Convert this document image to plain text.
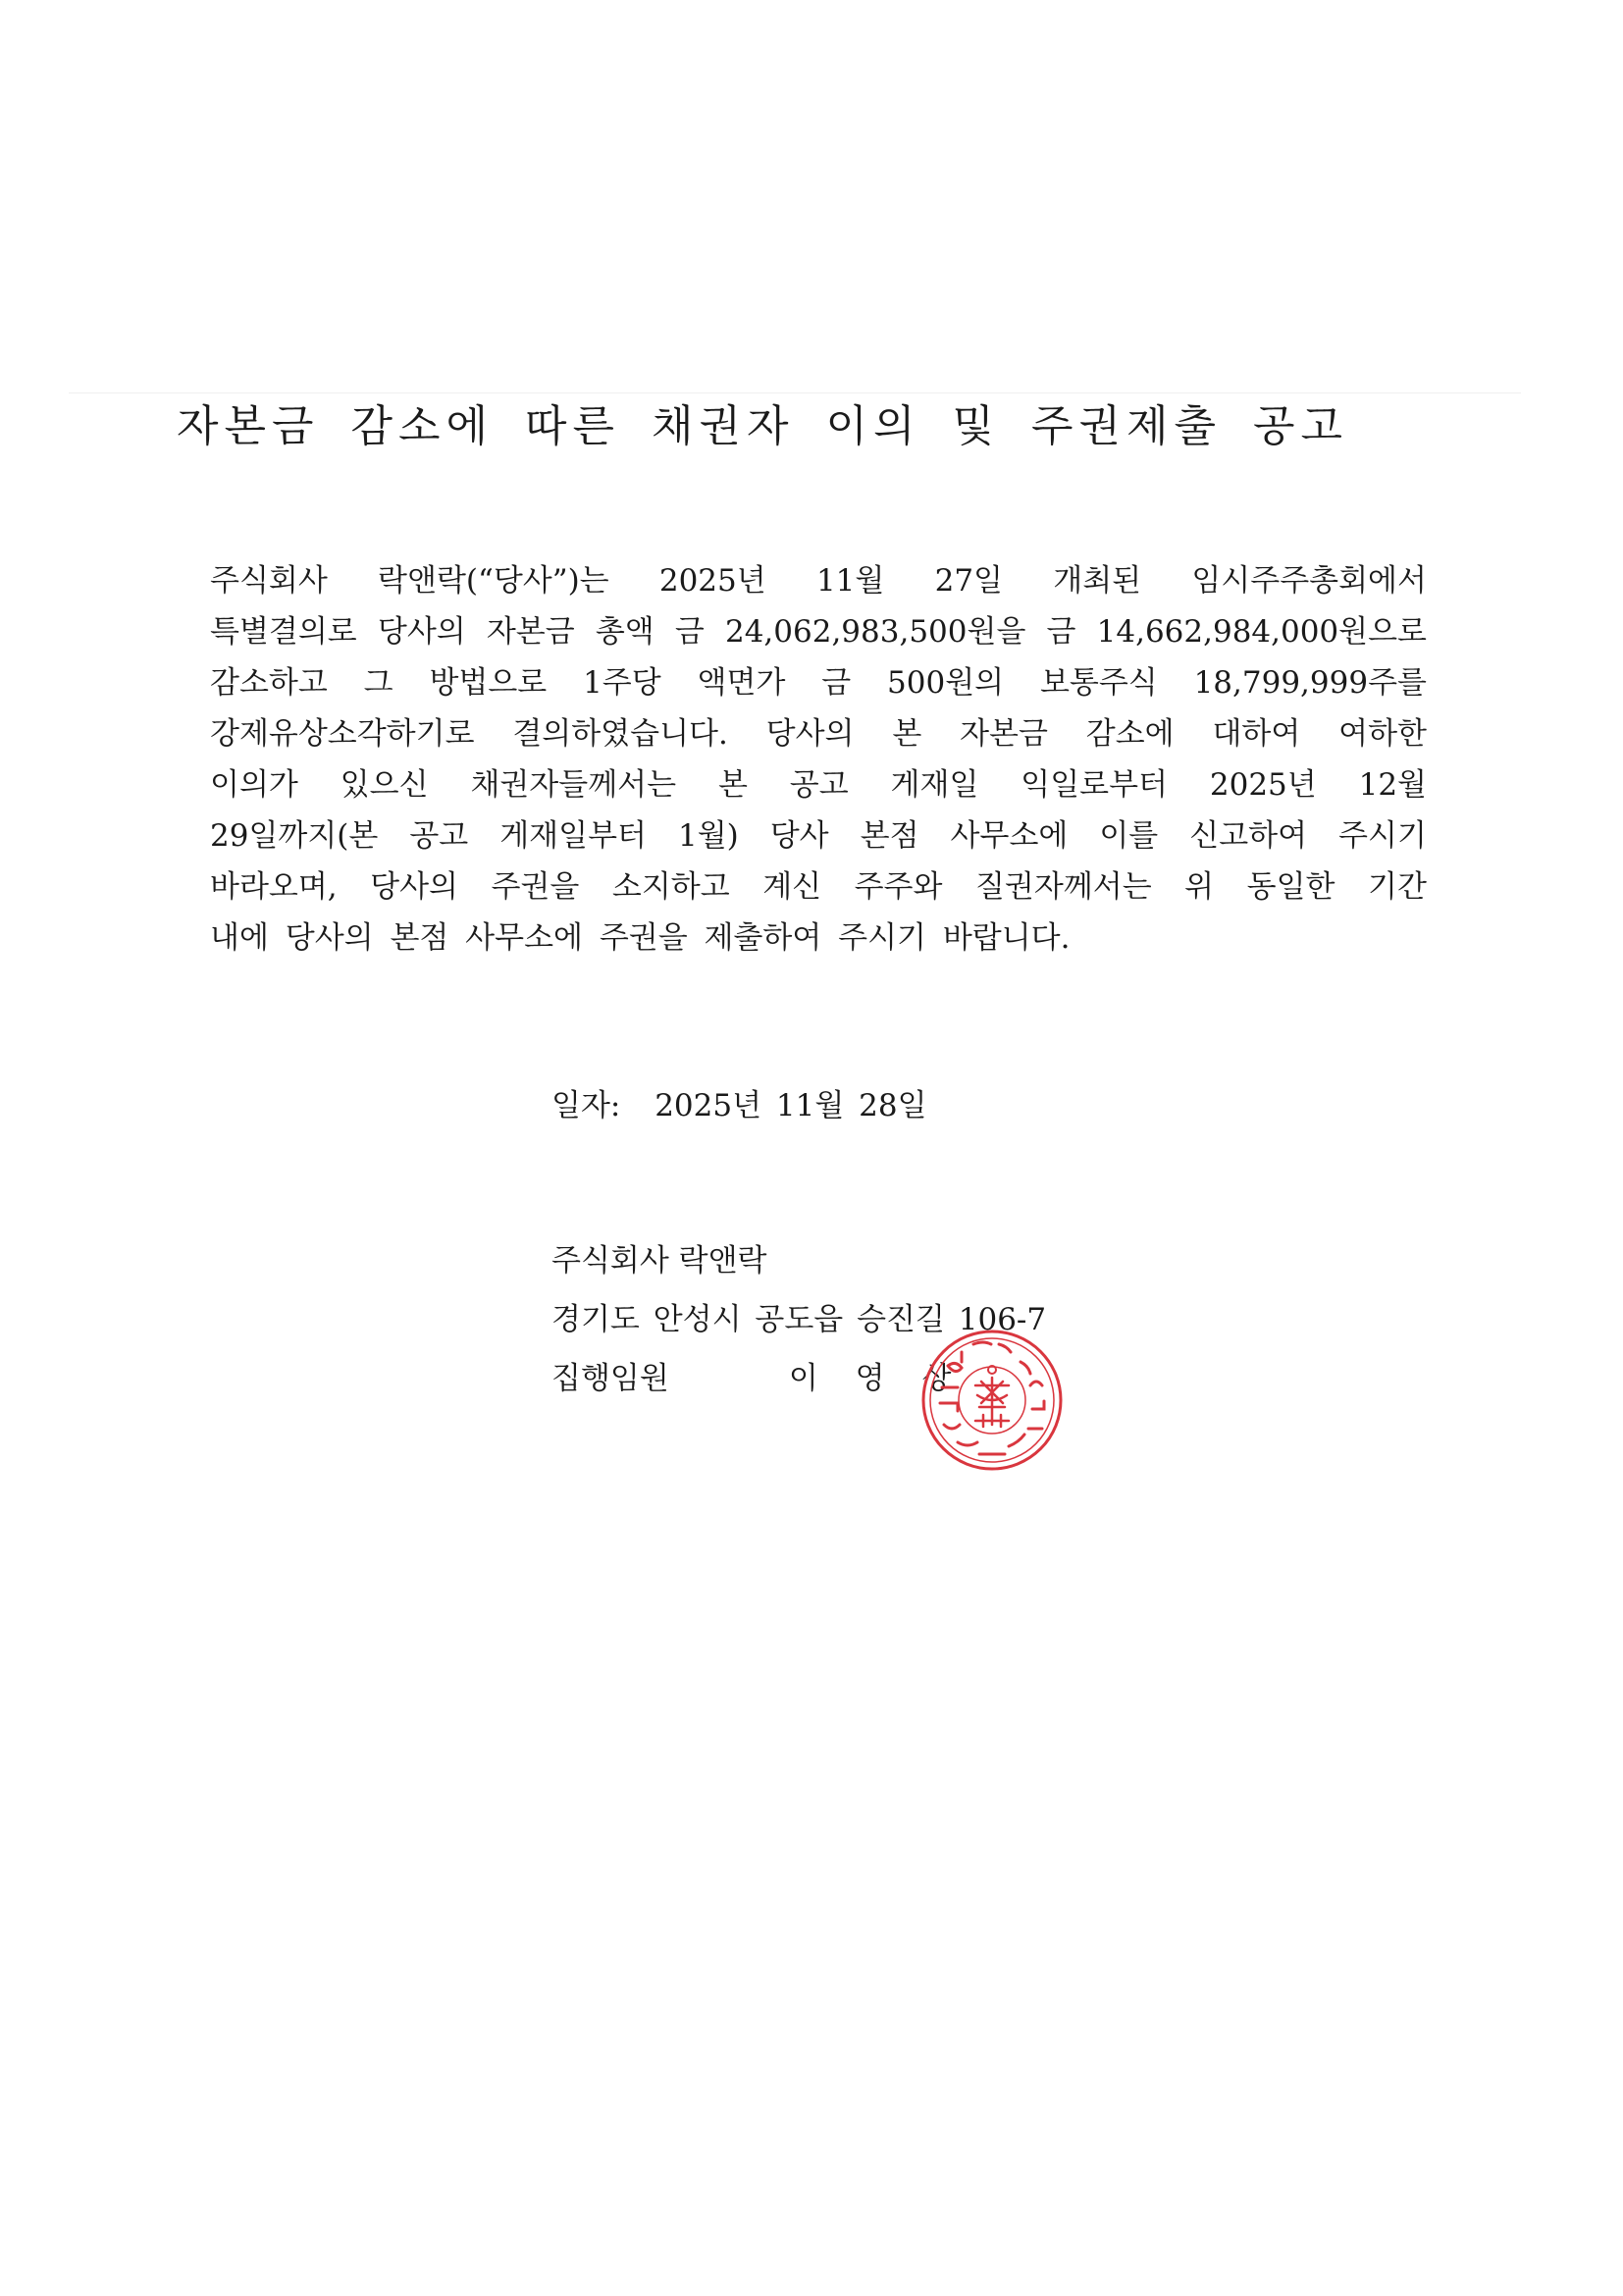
자본금 감소에 따른 채권자 이의 및 주권제출 공고
주식회사 락앤락(“당사”)는 2025년 11월 27일 개최된 임시주주총회에서
특별결의로 당사의 자본금 총액 금 24,062,983,500원을 금 14,662,984,000원으로
감소하고 그 방법으로 1주당 액면가 금 500원의 보통주식 18,799,999주를
강제유상소각하기로 결의하였습니다. 당사의 본 자본금 감소에 대하여 여하한
이의가 있으신 채권자들께서는 본 공고 게재일 익일로부터 2025년 12월
29일까지(본 공고 게재일부터 1월) 당사 본점 사무소에 이를 신고하여 주시기
바라오며, 당사의 주권을 소지하고 계신 주주와 질권자께서는 위 동일한 기간
내에 당사의 본점 사무소에 주권을 제출하여 주시기 바랍니다.
일자: 2025년 11월 28일
주식회사 락앤락
경기도 안성시 공도읍 승진길 106-7
집행임원	이 영 상
